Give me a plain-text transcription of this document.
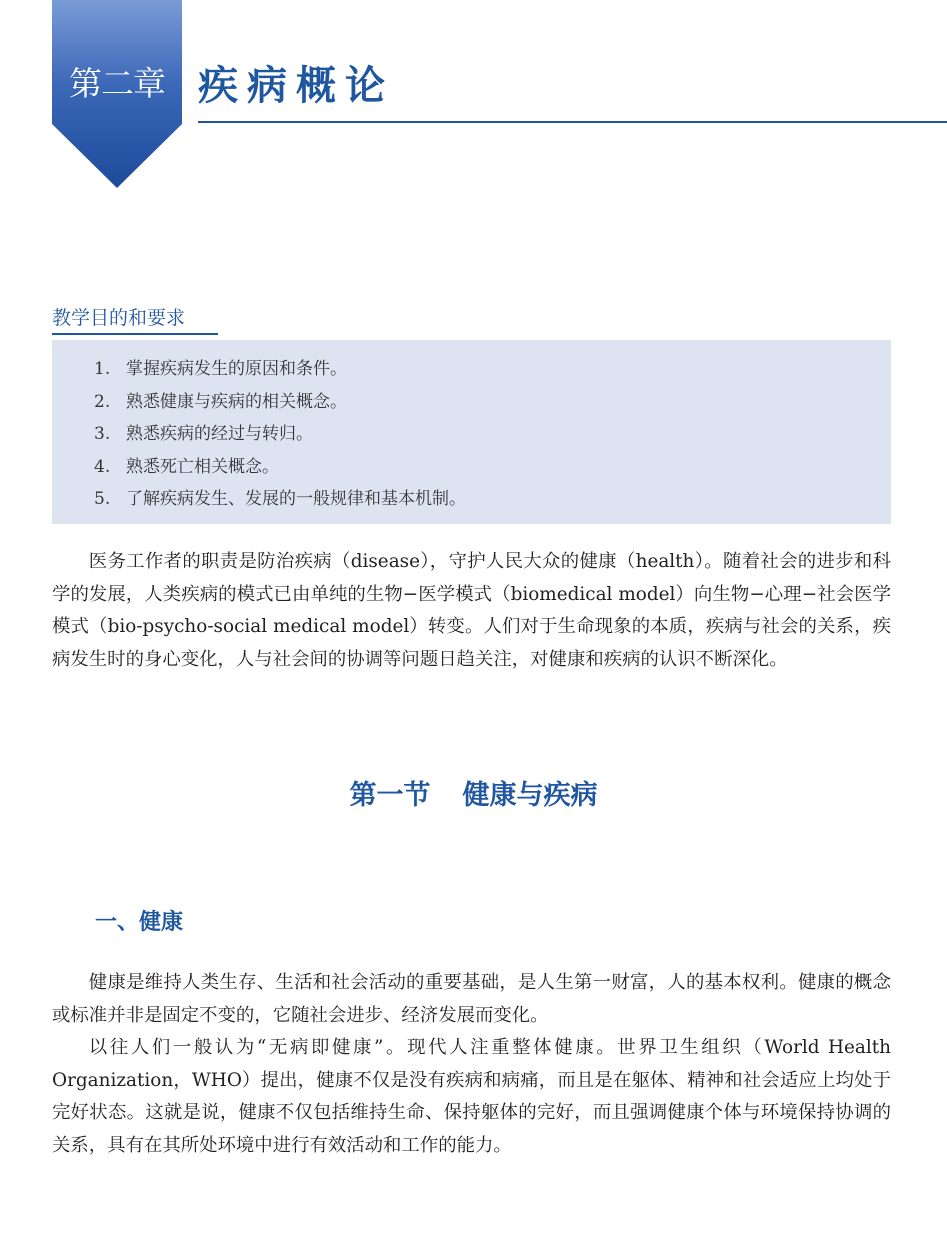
第二章 疾病概论
教学目的和要求
1. 掌握疾病发生的原因和条件。
2. 熟悉健康与疾病的相关概念。
3. 熟悉疾病的经过与转归。
4. 熟悉死亡相关概念。
5. 了解疾病发生、发展的一般规律和基本机制。

医务工作者的职责是防治疾病（disease），守护人民大众的健康（health）。随着社会的进步和科学的发展，人类疾病的模式已由单纯的生物−医学模式（biomedical model）向生物−心理−社会医学模式（bio-psycho-social medical model）转变。人们对于生命现象的本质，疾病与社会的关系，疾病发生时的身心变化，人与社会间的协调等问题日趋关注，对健康和疾病的认识不断深化。

第一节 健康与疾病
一、健康

健康是维持人类生存、生活和社会活动的重要基础，是人生第一财富，人的基本权利。健康的概念或标准并非是固定不变的，它随社会进步、经济发展而变化。

以往人们一般认为“无病即健康”。现代人注重整体健康。世界卫生组织（World Health Organization，WHO）提出，健康不仅是没有疾病和病痛，而且是在躯体、精神和社会适应上均处于完好状态。这就是说，健康不仅包括维持生命、保持躯体的完好，而且强调健康个体与环境保持协调的关系，具有在其所处环境中进行有效活动和工作的能力。
